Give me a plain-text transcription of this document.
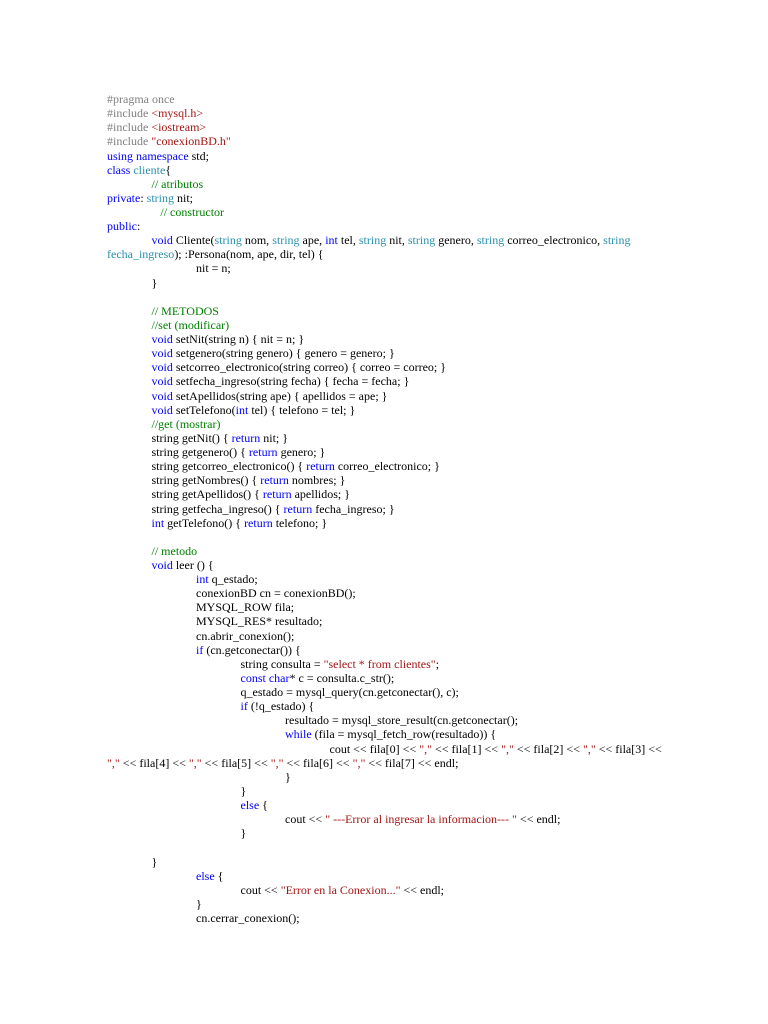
#pragma once
#include <mysql.h>
#include <iostream>
#include "conexionBD.h"
using namespace std;
class cliente{
// atributos
private: string nit;
// constructor
public:
void Cliente(string nom, string ape, int tel, string nit, string genero, string correo_electronico, string
fecha_ingreso); :Persona(nom, ape, dir, tel) {
nit = n;
}
// METODOS
//set (modificar)
void setNit(string n) { nit = n; }
void setgenero(string genero) { genero = genero; }
void setcorreo_electronico(string correo) { correo = correo; }
void setfecha_ingreso(string fecha) { fecha = fecha; }
void setApellidos(string ape) { apellidos = ape; }
void setTelefono(int tel) { telefono = tel; }
//get (mostrar)
string getNit() { return nit; }
string getgenero() { return genero; }
string getcorreo_electronico() { return correo_electronico; }
string getNombres() { return nombres; }
string getApellidos() { return apellidos; }
string getfecha_ingreso() { return fecha_ingreso; }
int getTelefono() { return telefono; }
// metodo
void leer () {
int q_estado;
conexionBD cn = conexionBD();
MYSQL_ROW fila;
MYSQL_RES* resultado;
cn.abrir_conexion();
if (cn.getconectar()) {
string consulta = "select * from clientes";
const char* c = consulta.c_str();
q_estado = mysql_query(cn.getconectar(), c);
if (!q_estado) {
resultado = mysql_store_result(cn.getconectar();
while (fila = mysql_fetch_row(resultado)) {
cout << fila[0] << "," << fila[1] << "," << fila[2] << "," << fila[3] <<
"," << fila[4] << "," << fila[5] << "," << fila[6] << "," << fila[7] << endl;
}
}
else {
cout << " ---Error al ingresar la informacion--- " << endl;
}
}
else {
cout << "Error en la Conexion..." << endl;
}
cn.cerrar_conexion();
